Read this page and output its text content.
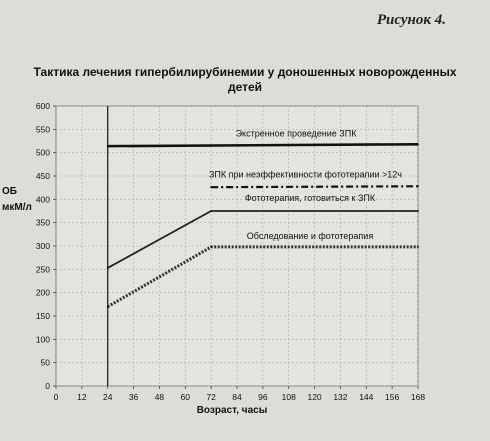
Рисунок 4.
Тактика лечения гипербилирубинемии у доношенных новорожденных
детей
ОБ
мкМ/л
0
50
100
150
200
250
300
350
400
450
500
550
600
0 12 24 36 48 60 72 84 96 108 120 132 144 156 168
Экстренное проведение ЗПК
ЗПК при неэффективности фототерапии >12ч
Фототерапия, готовиться к ЗПК
Обследование и фототерапия
Возраст, часы
